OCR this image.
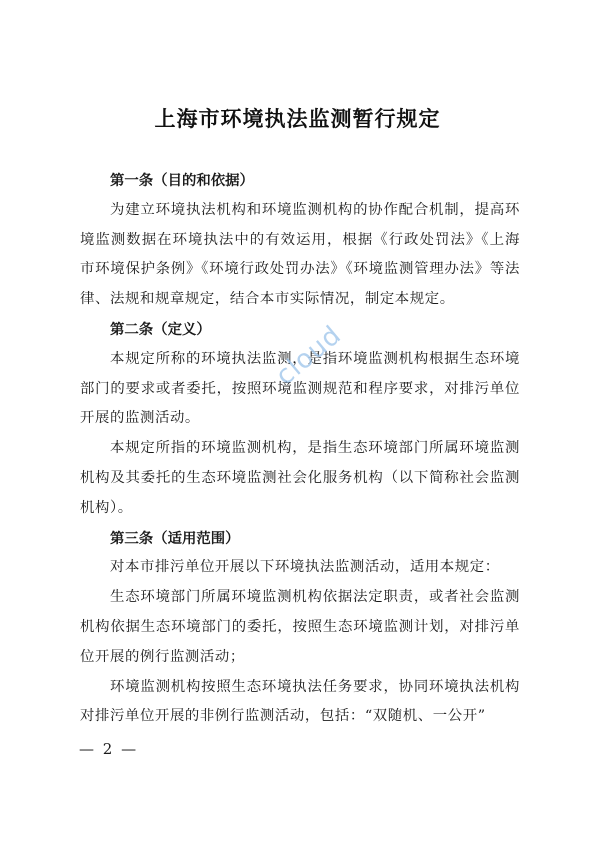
上海市环境执法监测暂行规定

第一条（目的和依据）

为建立环境执法机构和环境监测机构的协作配合机制，提高环境监测数据在环境执法中的有效运用，根据《行政处罚法》《上海市环境保护条例》《环境行政处罚办法》《环境监测管理办法》等法律、法规和规章规定，结合本市实际情况，制定本规定。

第二条（定义）

本规定所称的环境执法监测，是指环境监测机构根据生态环境部门的要求或者委托，按照环境监测规范和程序要求，对排污单位开展的监测活动。

本规定所指的环境监测机构，是指生态环境部门所属环境监测机构及其委托的生态环境监测社会化服务机构（以下简称社会监测机构）。

第三条（适用范围）

对本市排污单位开展以下环境执法监测活动，适用本规定：

生态环境部门所属环境监测机构依据法定职责，或者社会监测机构依据生态环境部门的委托，按照生态环境监测计划，对排污单位开展的例行监测活动；

环境监测机构按照生态环境执法任务要求，协同环境执法机构对排污单位开展的非例行监测活动，包括：“双随机、一公开”

cloud
— 2 —
